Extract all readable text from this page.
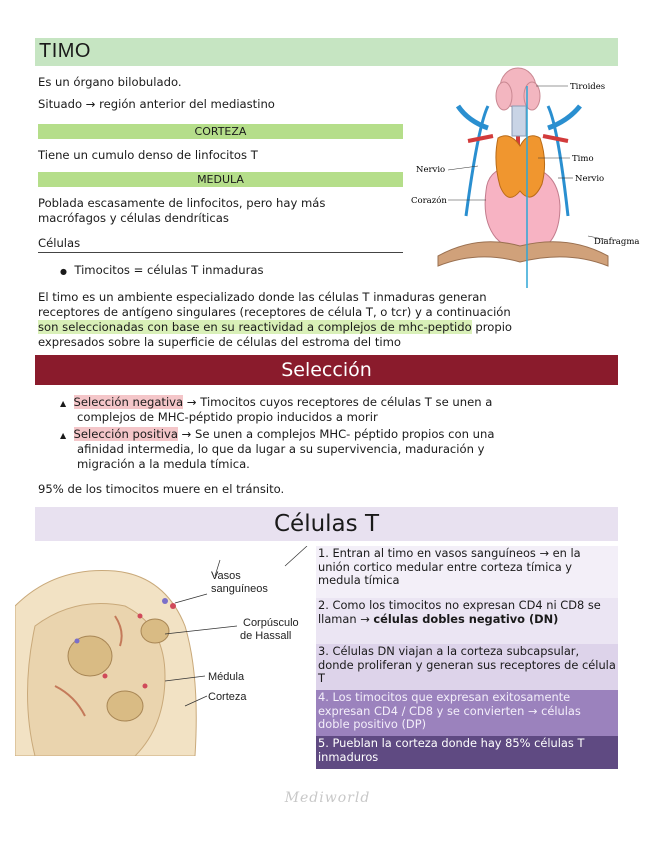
TIMO
Es un órgano bilobulado.
Situado → región anterior del mediastino
CORTEZA
Tiene un cumulo denso de linfocitos T
MEDULA
Poblada escasamente de linfocitos, pero hay más
macrófagos y células dendríticas
Células
● Timocitos = células T inmaduras
El timo es un ambiente especializado donde las células T inmaduras generan
receptores de antígeno singulares (receptores de célula T, o tcr) y a continuación
son seleccionadas con base en su reactividad a complejos de mhc-peptido propio
expresados sobre la superficie de células del estroma del timo
Tiroides
Timo
Nervio
Nervio
Corazón
Diafragma
Selección
▲ Selección negativa → Timocitos cuyos receptores de células T se unen a
complejos de MHC-péptido propio inducidos a morir
▲ Selección positiva → Se unen a complejos MHC- péptido propios con una
afinidad intermedia, lo que da lugar a su supervivencia, maduración y
migración a la medula tímica.
95% de los timocitos muere en el tránsito.
Células T
Vasos
sanguíneos
Corpúsculo
de Hassall
Médula
Corteza
1. Entran al timo en vasos sanguíneos → en la unión cortico medular entre corteza tímica y medula tímica
2. Como los timocitos no expresan CD4 ni CD8 se llaman → células dobles negativo (DN)
3. Células DN viajan a la corteza subcapsular, donde proliferan y generan sus receptores de célula T
4. Los timocitos que expresan exitosamente expresan CD4 / CD8 y se convierten → células doble positivo (DP)
5. Pueblan la corteza donde hay 85% células T inmaduros
Mediworld
